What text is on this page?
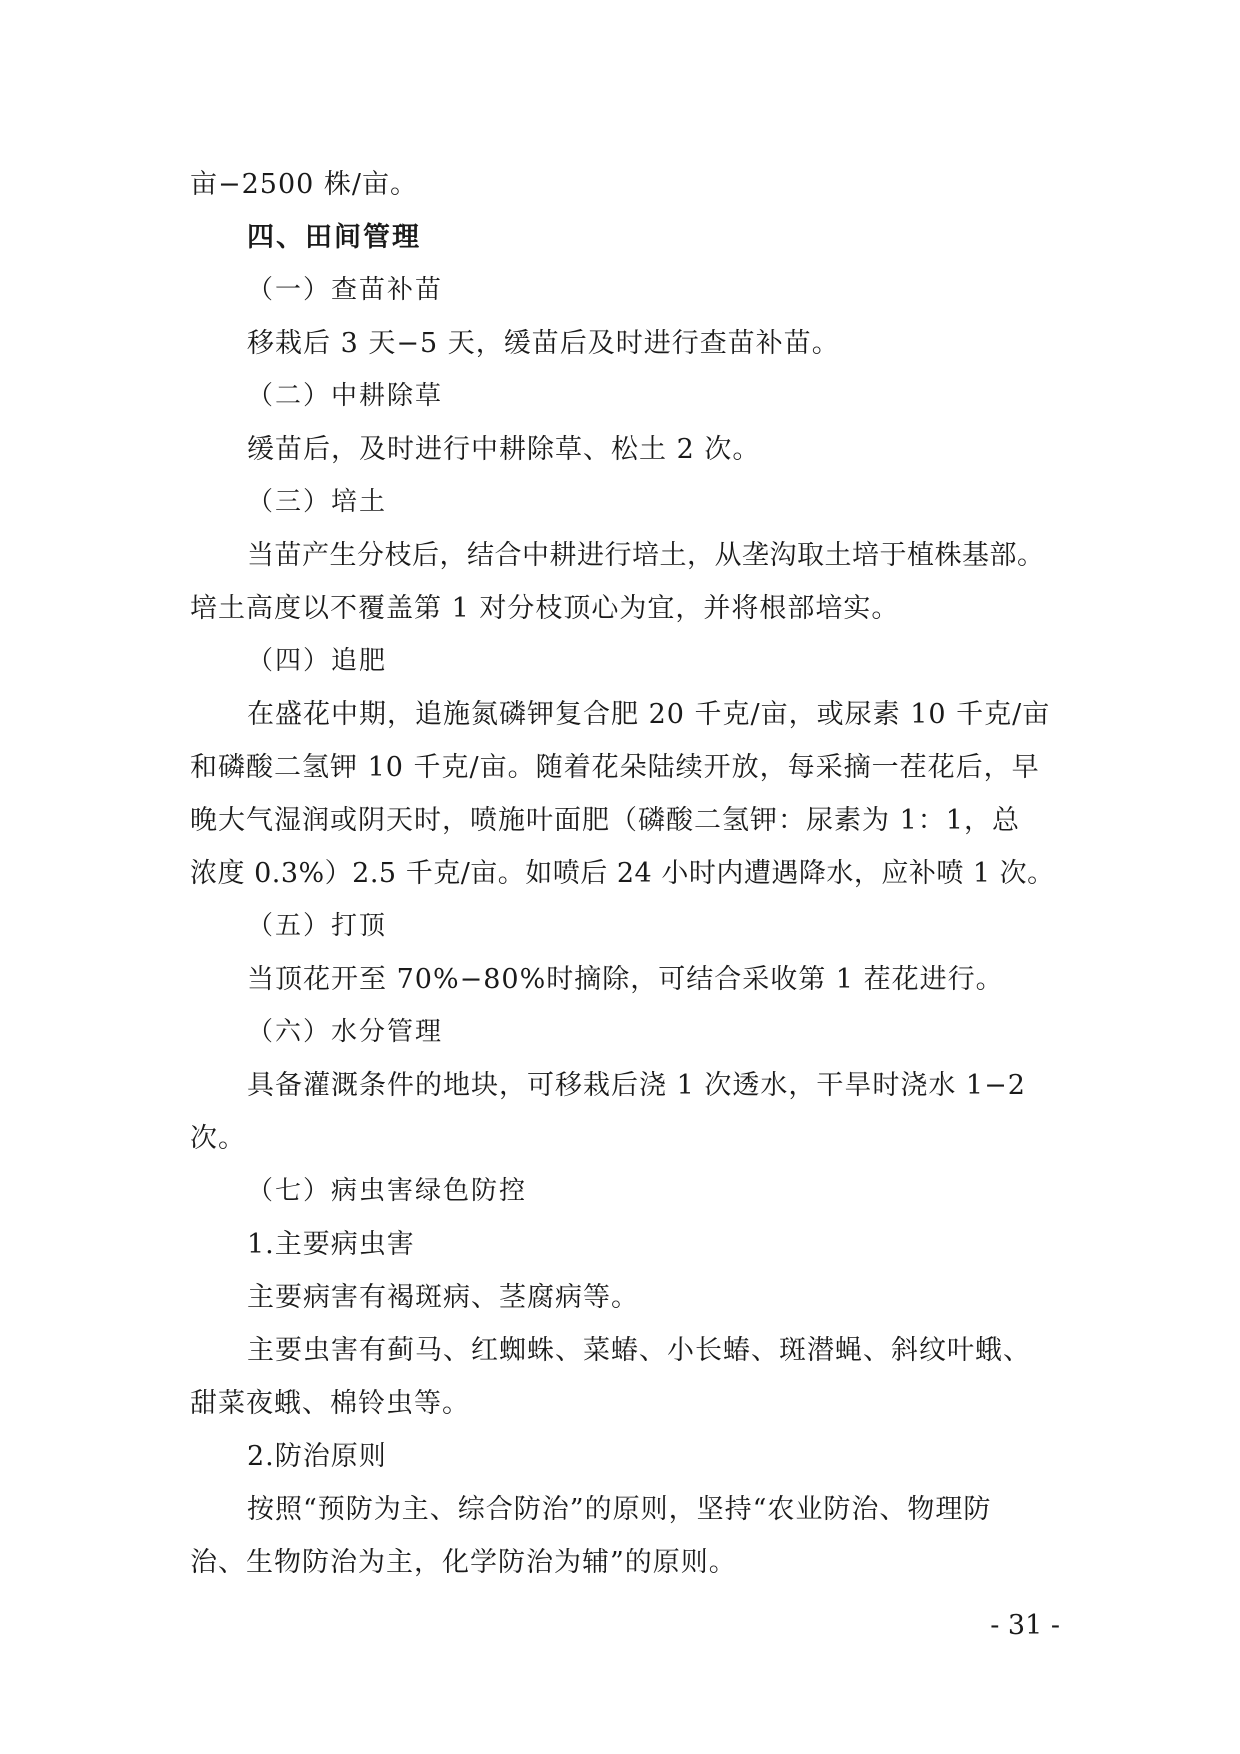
亩−2500 株/亩。
四、田间管理
（一）查苗补苗
移栽后 3 天−5 天，缓苗后及时进行查苗补苗。
（二）中耕除草
缓苗后，及时进行中耕除草、松土 2 次。
（三）培土
当苗产生分枝后，结合中耕进行培土，从垄沟取土培于植株基部。
培土高度以不覆盖第 1 对分枝顶心为宜，并将根部培实。
（四）追肥
在盛花中期，追施氮磷钾复合肥 20 千克/亩，或尿素 10 千克/亩
和磷酸二氢钾 10 千克/亩。随着花朵陆续开放，每采摘一茬花后，早
晚大气湿润或阴天时，喷施叶面肥（磷酸二氢钾：尿素为 1：1，总
浓度 0.3%）2.5 千克/亩。如喷后 24 小时内遭遇降水，应补喷 1 次。
（五）打顶
当顶花开至 70%−80%时摘除，可结合采收第 1 茬花进行。
（六）水分管理
具备灌溉条件的地块，可移栽后浇 1 次透水，干旱时浇水 1−2
次。
（七）病虫害绿色防控
1.主要病虫害
主要病害有褐斑病、茎腐病等。
主要虫害有蓟马、红蜘蛛、菜蝽、小长蝽、斑潜蝇、斜纹叶蛾、
甜菜夜蛾、棉铃虫等。
2.防治原则
按照“预防为主、综合防治”的原则，坚持“农业防治、物理防
治、生物防治为主，化学防治为辅”的原则。
- 31 -
